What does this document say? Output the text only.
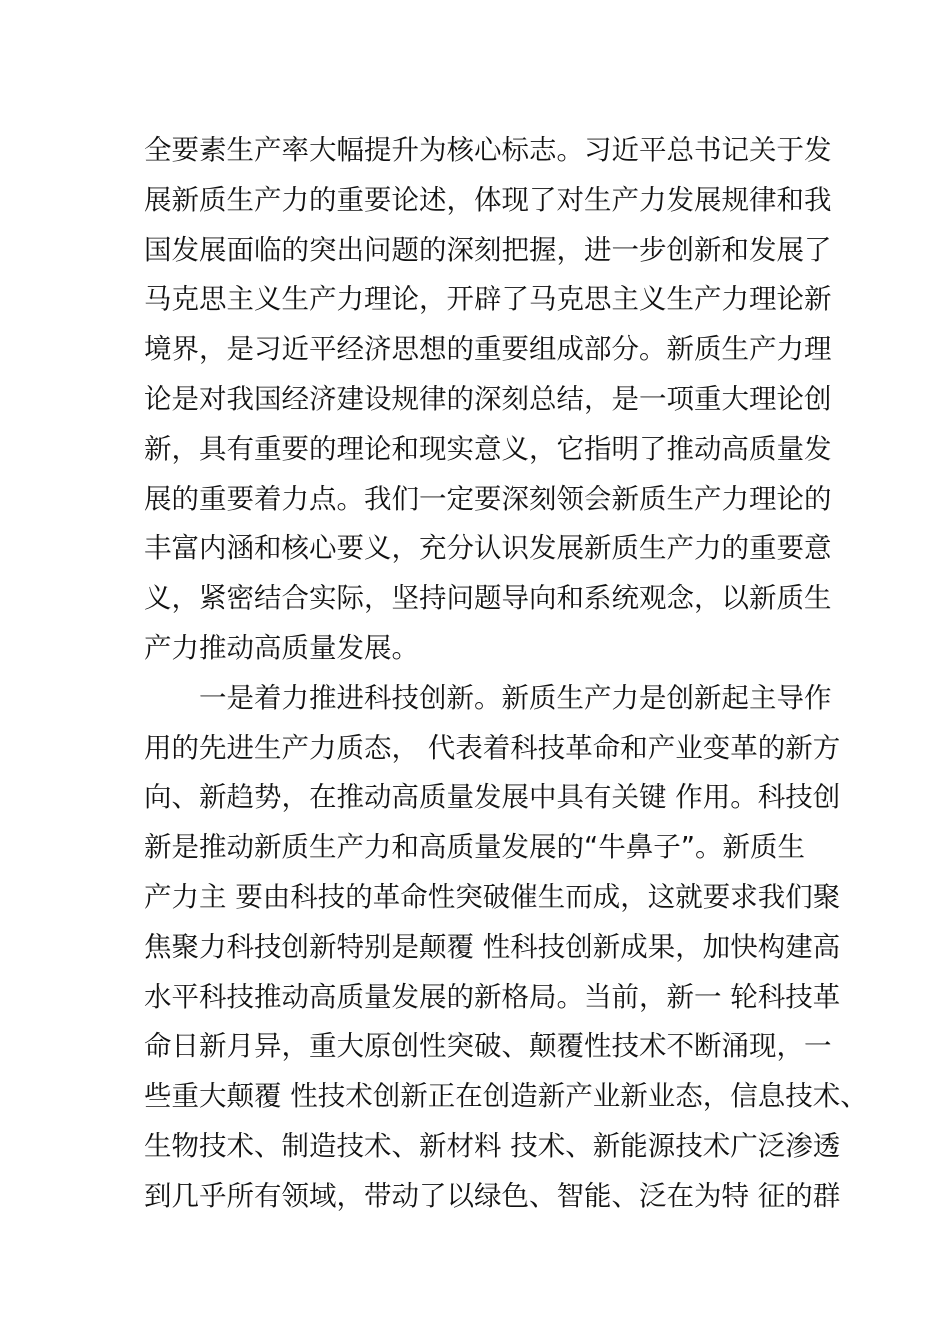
全要素生产率大幅提升为核心标志。习近平总书记关于发
展新质生产力的重要论述，体现了对生产力发展规律和我
国发展面临的突出问题的深刻把握，进一步创新和发展了
马克思主义生产力理论，开辟了马克思主义生产力理论新
境界，是习近平经济思想的重要组成部分。新质生产力理
论是对我国经济建设规律的深刻总结，是一项重大理论创
新，具有重要的理论和现实意义，它指明了推动高质量发
展的重要着力点。我们一定要深刻领会新质生产力理论的
丰富内涵和核心要义，充分认识发展新质生产力的重要意
义，紧密结合实际，坚持问题导向和系统观念，以新质生
产力推动高质量发展。
一是着力推进科技创新。新质生产力是创新起主导作
用的先进生产力质态， 代表着科技革命和产业变革的新方
向、新趋势，在推动高质量发展中具有关键 作用。科技创
新是推动新质生产力和高质量发展的“牛鼻子”。新质生
产力主 要由科技的革命性突破催生而成，这就要求我们聚
焦聚力科技创新特别是颠覆 性科技创新成果，加快构建高
水平科技推动高质量发展的新格局。当前，新一 轮科技革
命日新月异，重大原创性突破、颠覆性技术不断涌现，一
些重大颠覆 性技术创新正在创造新产业新业态，信息技术、
生物技术、制造技术、新材料 技术、新能源技术广泛渗透
到几乎所有领域，带动了以绿色、智能、泛在为特 征的群
